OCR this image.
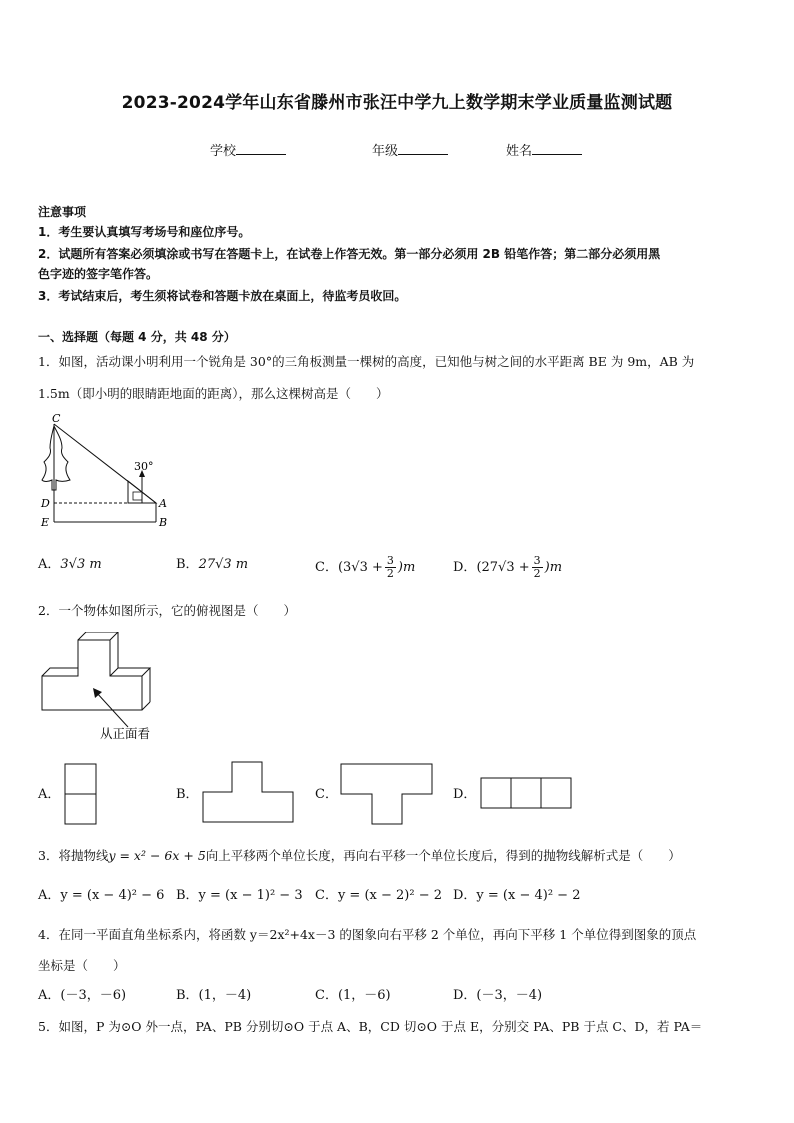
2023-2024学年山东省滕州市张汪中学九上数学期末学业质量监测试题
学校	年级	姓名
注意事项
1．考生要认真填写考场号和座位序号。
2．试题所有答案必须填涂或书写在答题卡上，在试卷上作答无效。第一部分必须用 2B 铅笔作答；第二部分必须用黑
色字迹的签字笔作答。
3．考试结束后，考生须将试卷和答题卡放在桌面上，待监考员收回。
一、选择题（每题 4 分，共 48 分）
1．如图，活动课小明利用一个锐角是 30°的三角板测量一棵树的高度，已知他与树之间的水平距离 BE 为 9m，AB 为
1.5m（即小明的眼睛距地面的距离），那么这棵树高是（　　）
C
30°
D	A
E	B
A．3√3 m	B．27√3 m	C．$(3√3 + \frac{3}{2} )m$	D．$(27√3 + \frac{3}{2} )m$
2．一个物体如图所示，它的俯视图是（　　）
从正面看
A．	B．	C．	D．
3．将抛物线y = x² − 6x + 5向上平移两个单位长度，再向右平移一个单位长度后，得到的抛物线解析式是（　　）
A．y = (x − 4)² − 6 B．y = (x − 1)² − 3 C．y = (x − 2)² − 2 D．y = (x − 4)² − 2
4．在同一平面直角坐标系内，将函数 y＝2x²+4x－3 的图象向右平移 2 个单位，再向下平移 1 个单位得到图象的顶点
坐标是（　　）
A．(－3，－6)	B．(1，－4)	C．(1，－6)	D．(－3，－4)
5．如图，P 为⊙O 外一点，PA、PB 分别切⊙O 于点 A、B，CD 切⊙O 于点 E，分别交 PA、PB 于点 C、D，若 PA＝
